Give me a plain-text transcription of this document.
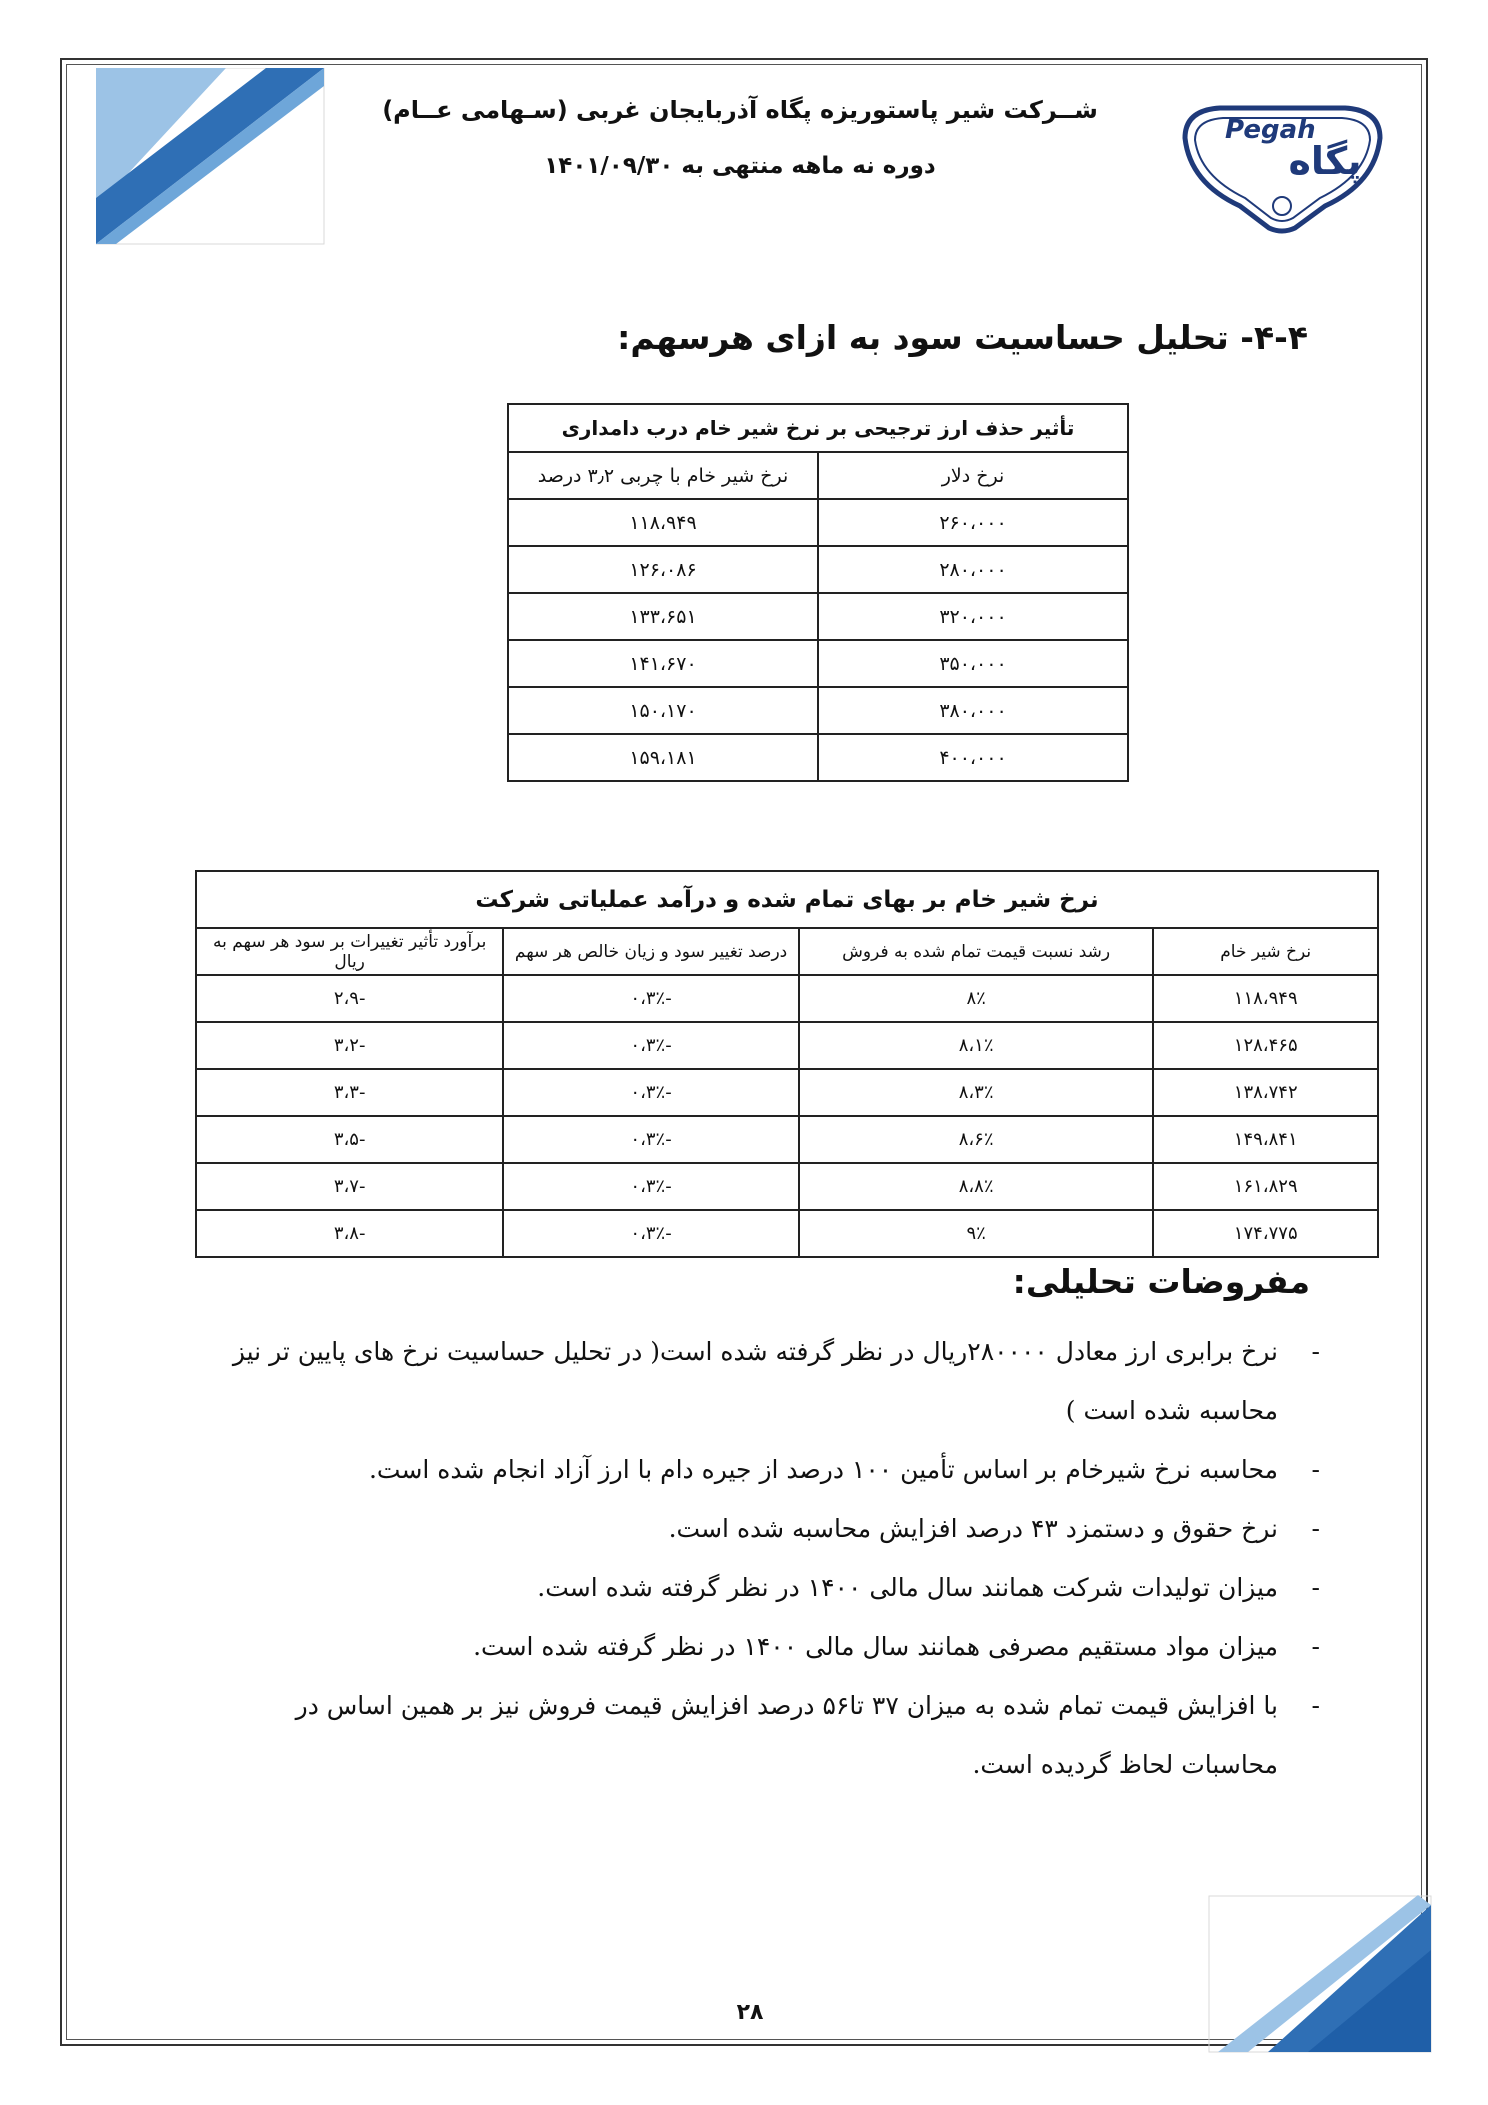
شــرکت شیر پاستوریزه پگاه آذربایجان غربی (سـهامی عــام)
دوره نه ماهه منتهی به ۱۴۰۱/۰۹/۳۰
Pegah
پگاه
۴-۴- تحلیل حساسیت سود به ازای هرسهم:
تأثیر حذف ارز ترجیحی بر نرخ شیر خام درب دامداری	
نرخ دلار	نرخ شیر خام با چربی ۳٫۲ درصد
۲۶۰،۰۰۰	۱۱۸،۹۴۹
۲۸۰،۰۰۰	۱۲۶،۰۸۶
۳۲۰،۰۰۰	۱۳۳،۶۵۱
۳۵۰،۰۰۰	۱۴۱،۶۷۰
۳۸۰،۰۰۰	۱۵۰،۱۷۰
۴۰۰،۰۰۰	۱۵۹،۱۸۱
نرخ شیر خام بر بهای تمام شده و درآمد عملیاتی شرکت			
نرخ شیر خام	رشد نسبت قیمت تمام شده به فروش	درصد تغییر سود و زیان خالص هر سهم	برآورد تأثیر تغییرات بر سود هر سهم به ریال
۱۱۸،۹۴۹	۸٪	-۰،۳٪	-۲،۹
۱۲۸،۴۶۵	۸،۱٪	-۰،۳٪	-۳،۲
۱۳۸،۷۴۲	۸،۳٪	-۰،۳٪	-۳،۳
۱۴۹،۸۴۱	۸،۶٪	-۰،۳٪	-۳،۵
۱۶۱،۸۲۹	۸،۸٪	-۰،۳٪	-۳،۷
۱۷۴،۷۷۵	۹٪	-۰،۳٪	-۳،۸
مفروضات تحلیلی:
-
نرخ برابری ارز معادل ۲۸۰۰۰۰ریال در نظر گرفته شده است( در تحلیل حساسیت نرخ های پایین تر نیز محاسبه شده است )
-
محاسبه نرخ شیرخام بر اساس تأمین ۱۰۰ درصد از جیره دام با ارز آزاد انجام شده است.
-
نرخ حقوق و دستمزد ۴۳ درصد افزایش محاسبه شده است.
-
میزان تولیدات شرکت همانند سال مالی ۱۴۰۰ در نظر گرفته شده است.
-
میزان مواد مستقیم مصرفی همانند سال مالی ۱۴۰۰ در نظر گرفته شده است.
-
با افزایش قیمت تمام شده به میزان ۳۷ تا۵۶ درصد افزایش قیمت فروش نیز بر همین اساس در محاسبات لحاظ گردیده است.
۲۸
